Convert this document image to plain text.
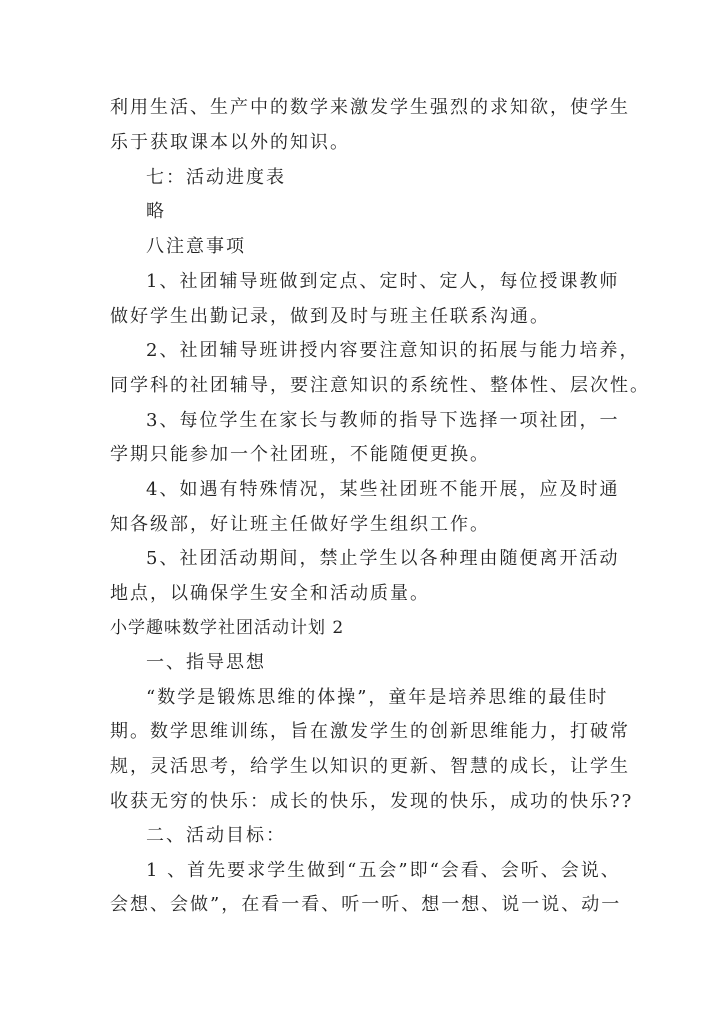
利用生活、生产中的数学来激发学生强烈的求知欲，使学生
乐于获取课本以外的知识。
七：活动进度表
略
八注意事项
1、社团辅导班做到定点、定时、定人，每位授课教师
做好学生出勤记录，做到及时与班主任联系沟通。
2、社团辅导班讲授内容要注意知识的拓展与能力培养，
同学科的社团辅导，要注意知识的系统性、整体性、层次性。
3、每位学生在家长与教师的指导下选择一项社团，一
学期只能参加一个社团班，不能随便更换。
4、如遇有特殊情况，某些社团班不能开展，应及时通
知各级部，好让班主任做好学生组织工作。
5、社团活动期间，禁止学生以各种理由随便离开活动
地点，以确保学生安全和活动质量。
小学趣味数学社团活动计划 2
一、指导思想
“数学是锻炼思维的体操”，童年是培养思维的最佳时
期。数学思维训练，旨在激发学生的创新思维能力，打破常
规，灵活思考，给学生以知识的更新、智慧的成长，让学生
收获无穷的快乐：成长的快乐，发现的快乐，成功的快乐??
二、活动目标：
1 、首先要求学生做到“五会”即“会看、会听、会说、
会想、会做”，在看一看、听一听、想一想、说一说、动一
